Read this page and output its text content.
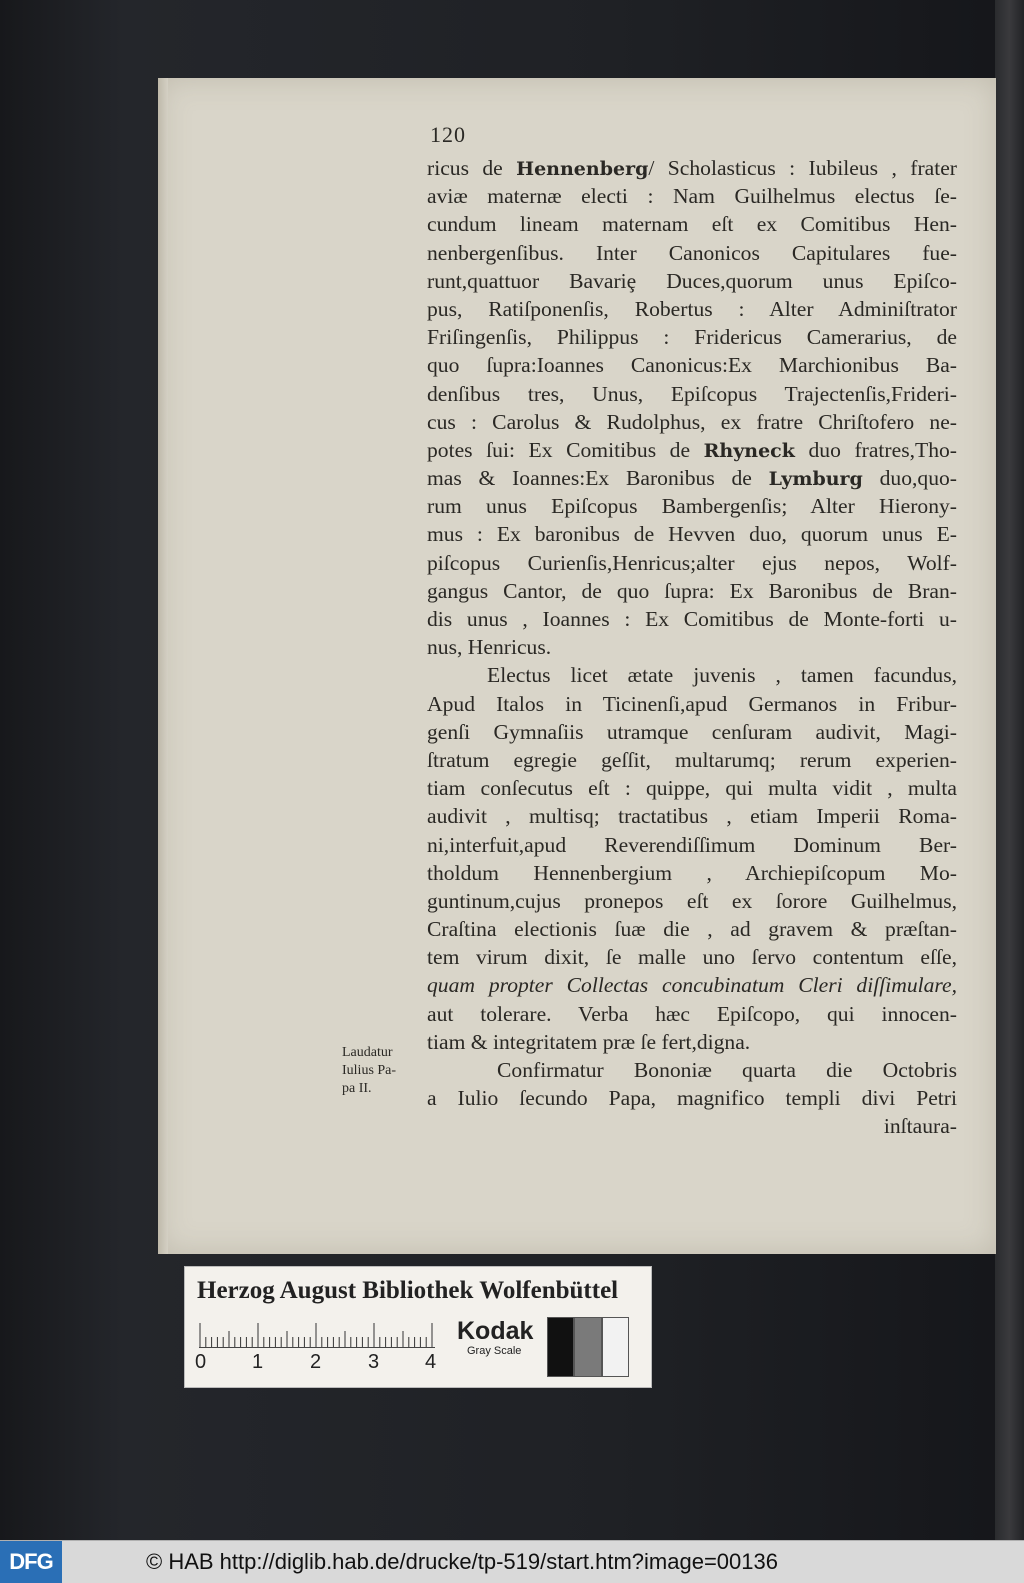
120
ricus de Hennenberg/ Scholasticus : Iubileus , frater
aviæ maternæ electi : Nam Guilhelmus electus ſe-
cundum lineam maternam eſt ex Comitibus Hen-
nenbergenſibus. Inter Canonicos Capitulares fue-
runt,quattuor Bavariȩ Duces,quorum unus Epiſco-
pus, Ratiſponenſis, Robertus : Alter Adminiſtrator
Friſingenſis, Philippus : Fridericus Camerarius, de
quo ſupra:Ioannes Canonicus:Ex Marchionibus Ba-
denſibus tres, Unus, Epiſcopus Trajectenſis,Frideri-
cus : Carolus & Rudolphus, ex fratre Chriſtofero ne-
potes ſui: Ex Comitibus de Rhyneck duo fratres,Tho-
mas & Ioannes:Ex Baronibus de Lymburg duo,quo-
rum unus Epiſcopus Bambergenſis; Alter Hierony-
mus : Ex baronibus de Hevven duo, quorum unus E-
piſcopus Curienſis,Henricus;alter ejus nepos, Wolf-
gangus Cantor, de quo ſupra: Ex Baronibus de Bran-
dis unus , Ioannes : Ex Comitibus de Monte-forti u-
nus, Henricus.
Electus licet ætate juvenis , tamen facundus,
Apud Italos in Ticinenſi,apud Germanos in Fribur-
genſi Gymnaſiis utramque cenſuram audivit, Magi-
ſtratum egregie geſſit, multarumq; rerum experien-
tiam conſecutus eſt : quippe, qui multa vidit , multa
audivit , multisq; tractatibus , etiam Imperii Roma-
ni,interfuit,apud Reverendiſſimum Dominum Ber-
tholdum Hennenbergium , Archiepiſcopum Mo-
guntinum,cujus pronepos eſt ex ſorore Guilhelmus,
Craſtina electionis ſuæ die , ad gravem & præſtan-
tem virum dixit, ſe malle uno ſervo contentum eſſe,
quam propter Collectas concubinatum Cleri diſſimulare,
aut tolerare. Verba hæc Epiſcopo, qui innocen-
tiam & integritatem præ ſe fert,digna.
Confirmatur Bononiæ quarta die Octobris
a Iulio ſecundo Papa, magnifico templi divi Petri
inſtaura-
Laudatur
Iulius Pa-
pa II.
Herzog August Bibliothek Wolfenbüttel
0 1 2 3 4
Kodak
Gray Scale
DFG	© HAB http://diglib.hab.de/drucke/tp-519/start.htm?image=00136
